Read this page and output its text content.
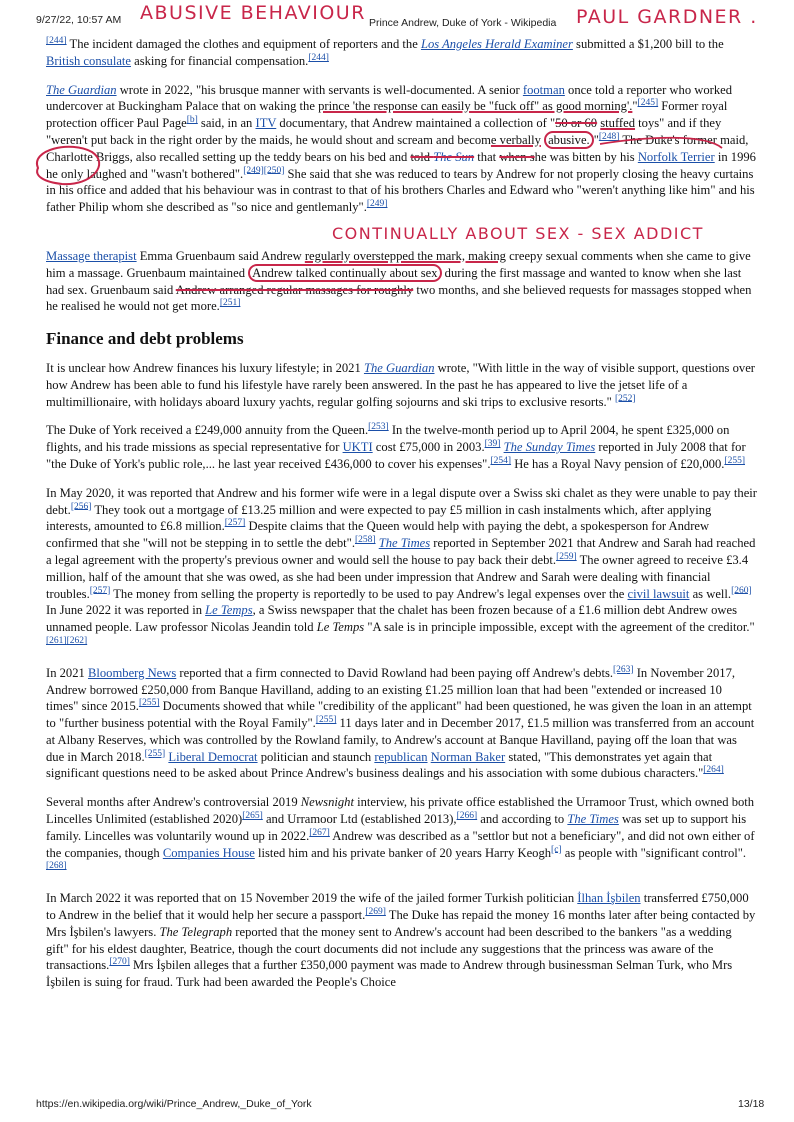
9/27/22, 10:57 AM	Prince Andrew, Duke of York - Wikipedia
ABUSIVE BEHAVIOUR	PAUL GARDNER .

[244] The incident damaged the clothes and equipment of reporters and the Los Angeles Herald Examiner submitted a $1,200 bill to the British consulate asking for financial compensation.[244]

The Guardian wrote in 2022, "his brusque manner with servants is well-documented. A senior footman once told a reporter who worked undercover at Buckingham Palace that on waking the prince 'the response can easily be "fuck off" as good morning'."[245] Former royal protection officer Paul Page[b] said, in an ITV documentary, that Andrew maintained a collection of "50 or 60 stuffed toys" and if they "weren't put back in the right order by the maids, he would shout and scream and become verbally abusive. "[248] The Duke's former maid, Charlotte Briggs, also recalled setting up the teddy bears on his bed and told The Sun that when she was bitten by his Norfolk Terrier in 1996 he only laughed and "wasn't bothered".[249][250] She said that she was reduced to tears by Andrew for not properly closing the heavy curtains in his office and added that his behaviour was in contrast to that of his brothers Charles and Edward who "weren't anything like him" and his father Philip whom she described as "so nice and gentlemanly".[249]

CONTINUALLY ABOUT SEX - SEX ADDICT

Massage therapist Emma Gruenbaum said Andrew regularly overstepped the mark, making creepy sexual comments when she came to give him a massage. Gruenbaum maintained Andrew talked continually about sex during the first massage and wanted to know when she last had sex. Gruenbaum said Andrew arranged regular massages for roughly two months, and she believed requests for massages stopped when he realised he would not get more.[251]

Finance and debt problems

It is unclear how Andrew finances his luxury lifestyle; in 2021 The Guardian wrote, "With little in the way of visible support, questions over how Andrew has been able to fund his lifestyle have rarely been answered. In the past he has appeared to live the jetset life of a multimillionaire, with holidays aboard luxury yachts, regular golfing sojourns and ski trips to exclusive resorts." [252]

The Duke of York received a £249,000 annuity from the Queen.[253] In the twelve-month period up to April 2004, he spent £325,000 on flights, and his trade missions as special representative for UKTI cost £75,000 in 2003.[39] The Sunday Times reported in July 2008 that for "the Duke of York's public role,... he last year received £436,000 to cover his expenses".[254] He has a Royal Navy pension of £20,000.[255]

In May 2020, it was reported that Andrew and his former wife were in a legal dispute over a Swiss ski chalet as they were unable to pay their debt.[256] They took out a mortgage of £13.25 million and were expected to pay £5 million in cash instalments which, after applying interests, amounted to £6.8 million.[257] Despite claims that the Queen would help with paying the debt, a spokesperson for Andrew confirmed that she "will not be stepping in to settle the debt".[258] The Times reported in September 2021 that Andrew and Sarah had reached a legal agreement with the property's previous owner and would sell the house to pay back their debt.[259] The owner agreed to receive £3.4 million, half of the amount that she was owed, as she had been under impression that Andrew and Sarah were dealing with financial troubles.[257] The money from selling the property is reportedly to be used to pay Andrew's legal expenses over the civil lawsuit as well.[260] In June 2022 it was reported in Le Temps, a Swiss newspaper that the chalet has been frozen because of a £1.6 million debt Andrew owes unnamed people. Law professor Nicolas Jeandin told Le Temps "A sale is in principle impossible, except with the agreement of the creditor."[261][262]

In 2021 Bloomberg News reported that a firm connected to David Rowland had been paying off Andrew's debts.[263] In November 2017, Andrew borrowed £250,000 from Banque Havilland, adding to an existing £1.25 million loan that had been "extended or increased 10 times" since 2015.[255] Documents showed that while "credibility of the applicant" had been questioned, he was given the loan in an attempt to "further business potential with the Royal Family".[255] 11 days later and in December 2017, £1.5 million was transferred from an account at Albany Reserves, which was controlled by the Rowland family, to Andrew's account at Banque Havilland, paying off the loan that was due in March 2018.[255] Liberal Democrat politician and staunch republican Norman Baker stated, "This demonstrates yet again that significant questions need to be asked about Prince Andrew's business dealings and his association with some dubious characters."[264]

Several months after Andrew's controversial 2019 Newsnight interview, his private office established the Urramoor Trust, which owned both Lincelles Unlimited (established 2020)[265] and Urramoor Ltd (established 2013),[266] and according to The Times was set up to support his family. Lincelles was voluntarily wound up in 2022.[267] Andrew was described as a "settlor but not a beneficiary", and did not own either of the companies, though Companies House listed him and his private banker of 20 years Harry Keogh[c] as people with "significant control".[268]

In March 2022 it was reported that on 15 November 2019 the wife of the jailed former Turkish politician İlhan İşbilen transferred £750,000 to Andrew in the belief that it would help her secure a passport.[269] The Duke has repaid the money 16 months later after being contacted by Mrs İşbilen's lawyers. The Telegraph reported that the money sent to Andrew's account had been described to the bankers "as a wedding gift" for his eldest daughter, Beatrice, though the court documents did not include any suggestions that the princess was aware of the transactions.[270] Mrs İşbilen alleges that a further £350,000 payment was made to Andrew through businessman Selman Turk, who Mrs İşbilen is suing for fraud. Turk had been awarded the People's Choice

https://en.wikipedia.org/wiki/Prince_Andrew,_Duke_of_York	13/18
